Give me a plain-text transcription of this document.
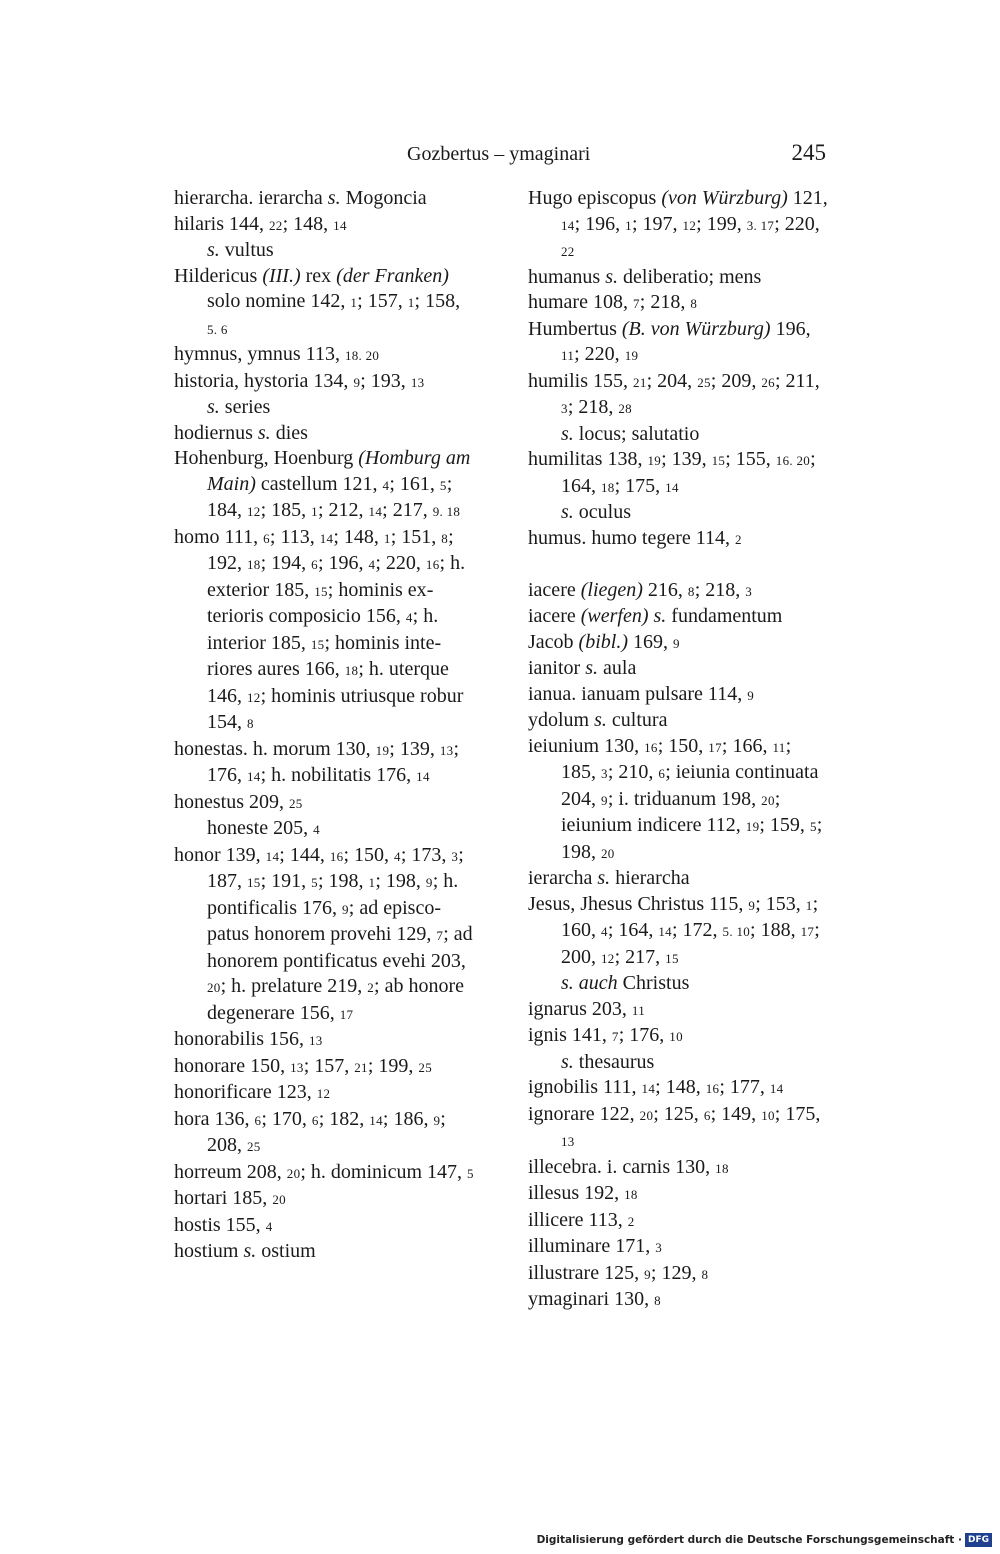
Gozbertus – ymaginari	245
hierarcha. ierarcha s. Mogoncia
hilaris 144, 22; 148, 14
s. vultus
Hildericus (III.) rex (der Franken) solo nomine 142, 1; 157, 1; 158, 5. 6
hymnus, ymnus 113, 18. 20
historia, hystoria 134, 9; 193, 13
s. series
hodiernus s. dies
Hohenburg, Hoenburg (Homburg am Main) castellum 121, 4; 161, 5; 184, 12; 185, 1; 212, 14; 217, 9. 18
homo 111, 6; 113, 14; 148, 1; 151, 8; 192, 18; 194, 6; 196, 4; 220, 16; h. exterior 185, 15; hominis exterioris composicio 156, 4; h. interior 185, 15; hominis interiores aures 166, 18; h. uterque 146, 12; hominis utriusque robur 154, 8
honestas. h. morum 130, 19; 139, 13; 176, 14; h. nobilitatis 176, 14
honestus 209, 25
honeste 205, 4
honor 139, 14; 144, 16; 150, 4; 173, 3; 187, 15; 191, 5; 198, 1; 198, 9; h. pontificalis 176, 9; ad episcopatus honorem provehi 129, 7; ad honorem pontificatus evehi 203, 20; h. prelature 219, 2; ab honore degenerare 156, 17
honorabilis 156, 13
honorare 150, 13; 157, 21; 199, 25
honorificare 123, 12
hora 136, 6; 170, 6; 182, 14; 186, 9; 208, 25
horreum 208, 20; h. dominicum 147, 5
hortari 185, 20
hostis 155, 4
hostium s. ostium
Hugo episcopus (von Würzburg) 121, 14; 196, 1; 197, 12; 199, 3. 17; 220, 22
humanus s. deliberatio; mens
humare 108, 7; 218, 8
Humbertus (B. von Würzburg) 196, 11; 220, 19
humilis 155, 21; 204, 25; 209, 26; 211, 3; 218, 28
s. locus; salutatio
humilitas 138, 19; 139, 15; 155, 16. 20; 164, 18; 175, 14
s. oculus
humus. humo tegere 114, 2
iacere (liegen) 216, 8; 218, 3
iacere (werfen) s. fundamentum
Jacob (bibl.) 169, 9
ianitor s. aula
ianua. ianuam pulsare 114, 9
ydolum s. cultura
ieiunium 130, 16; 150, 17; 166, 11; 185, 3; 210, 6; ieiunia continuata 204, 9; i. triduanum 198, 20; ieiunium indicere 112, 19; 159, 5; 198, 20
ierarcha s. hierarcha
Jesus, Jhesus Christus 115, 9; 153, 1; 160, 4; 164, 14; 172, 5. 10; 188, 17; 200, 12; 217, 15
s. auch Christus
ignarus 203, 11
ignis 141, 7; 176, 10
s. thesaurus
ignobilis 111, 14; 148, 16; 177, 14
ignorare 122, 20; 125, 6; 149, 10; 175, 13
illecebra. i. carnis 130, 18
illesus 192, 18
illicere 113, 2
illuminare 171, 3
illustrare 125, 9; 129, 8
ymaginari 130, 8
Digitalisierung gefördert durch die Deutsche Forschungsgemeinschaft · DFG
